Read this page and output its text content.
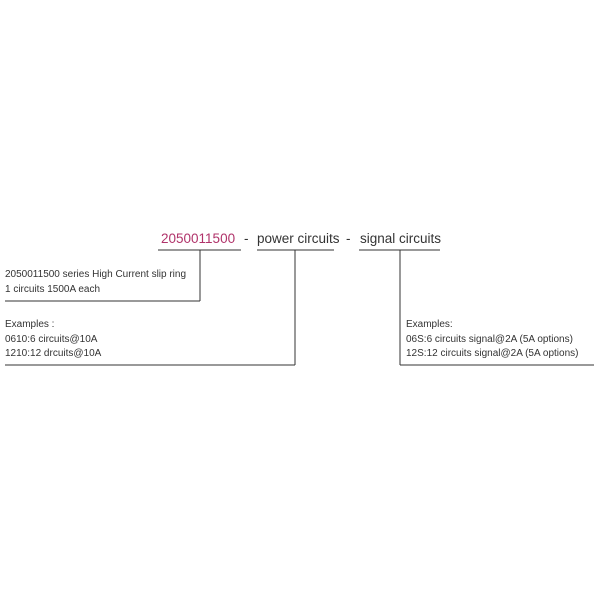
2050011500 - power circuits - signal circuits
2050011500 series High Current slip ring
1 circuits 1500A each
Examples :
0610:6 circuits@10A
1210:12 drcuits@10A
Examples:
06S:6 circuits signal@2A (5A options)
12S:12 circuits signal@2A (5A options)
